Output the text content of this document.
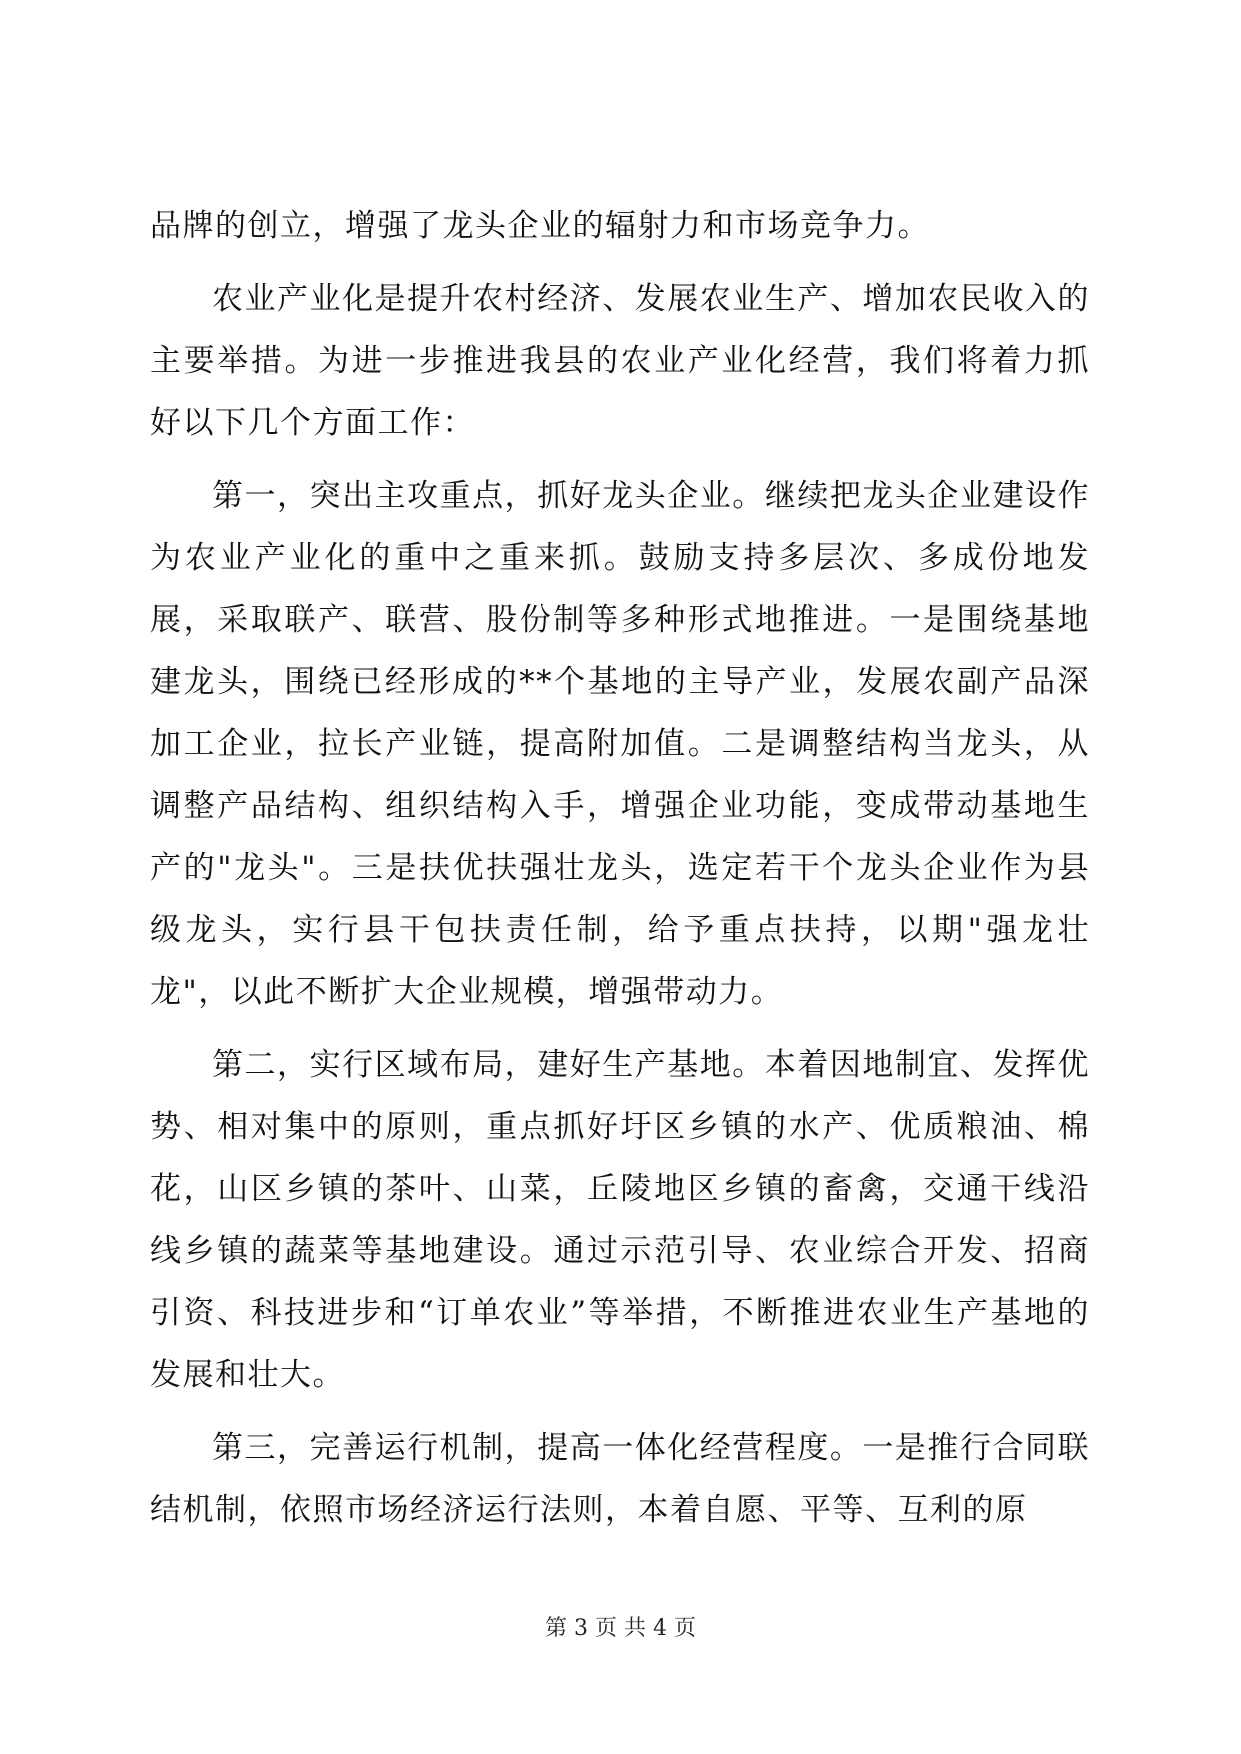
品牌的创立，增强了龙头企业的辐射力和市场竞争力。

农业产业化是提升农村经济、发展农业生产、增加农民收入的主要举措。为进一步推进我县的农业产业化经营，我们将着力抓好以下几个方面工作：

第一，突出主攻重点，抓好龙头企业。继续把龙头企业建设作为农业产业化的重中之重来抓。鼓励支持多层次、多成份地发展，采取联产、联营、股份制等多种形式地推进。一是围绕基地建龙头，围绕已经形成的**个基地的主导产业，发展农副产品深加工企业，拉长产业链，提高附加值。二是调整结构当龙头，从调整产品结构、组织结构入手，增强企业功能，变成带动基地生产的"龙头"。三是扶优扶强壮龙头，选定若干个龙头企业作为县级龙头，实行县干包扶责任制，给予重点扶持，以期"强龙壮龙"，以此不断扩大企业规模，增强带动力。

第二，实行区域布局，建好生产基地。本着因地制宜、发挥优势、相对集中的原则，重点抓好圩区乡镇的水产、优质粮油、棉花，山区乡镇的茶叶、山菜，丘陵地区乡镇的畜禽，交通干线沿线乡镇的蔬菜等基地建设。通过示范引导、农业综合开发、招商引资、科技进步和“订单农业”等举措，不断推进农业生产基地的发展和壮大。

第三，完善运行机制，提高一体化经营程度。一是推行合同联结机制，依照市场经济运行法则，本着自愿、平等、互利的原

第 3 页 共 4 页
